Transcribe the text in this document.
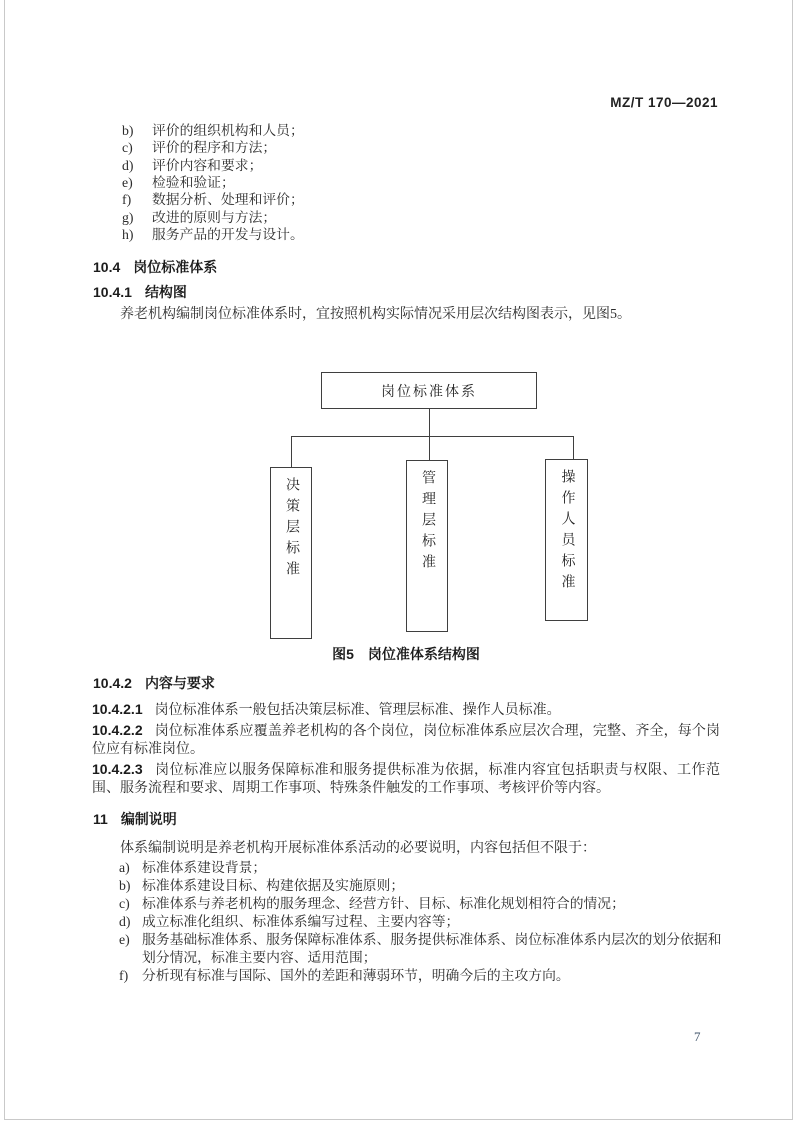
MZ/T 170—2021

b) 评价的组织机构和人员；

c) 评价的程序和方法；

d) 评价内容和要求；

e) 检验和验证；

f) 数据分析、处理和评价；

g) 改进的原则与方法；

h) 服务产品的开发与设计。

10.4 岗位标准体系
10.4.1 结构图

养老机构编制岗位标准体系时，宜按照机构实际情况采用层次结构图表示，见图5。

岗位标准体系
决策层标准	管理层标准	操作人员标准
图5　岗位准体系结构图
10.4.2 内容与要求

10.4.2.1 岗位标准体系一般包括决策层标准、管理层标准、操作人员标准。

10.4.2.2 岗位标准体系应覆盖养老机构的各个岗位，岗位标准体系应层次合理，完整、齐全，每个岗位应有标准岗位。

10.4.2.3 岗位标准应以服务保障标准和服务提供标准为依据，标准内容宜包括职责与权限、工作范围、服务流程和要求、周期工作事项、特殊条件触发的工作事项、考核评价等内容。

11 编制说明

体系编制说明是养老机构开展标准体系活动的必要说明，内容包括但不限于：

a) 标准体系建设背景；

b) 标准体系建设目标、构建依据及实施原则；

c) 标准体系与养老机构的服务理念、经营方针、目标、标准化规划相符合的情况；

d) 成立标准化组织、标准体系编写过程、主要内容等；

e) 服务基础标准体系、服务保障标准体系、服务提供标准体系、岗位标准体系内层次的划分依据和划分情况，标准主要内容、适用范围；

f) 分析现有标准与国际、国外的差距和薄弱环节，明确今后的主攻方向。

7
